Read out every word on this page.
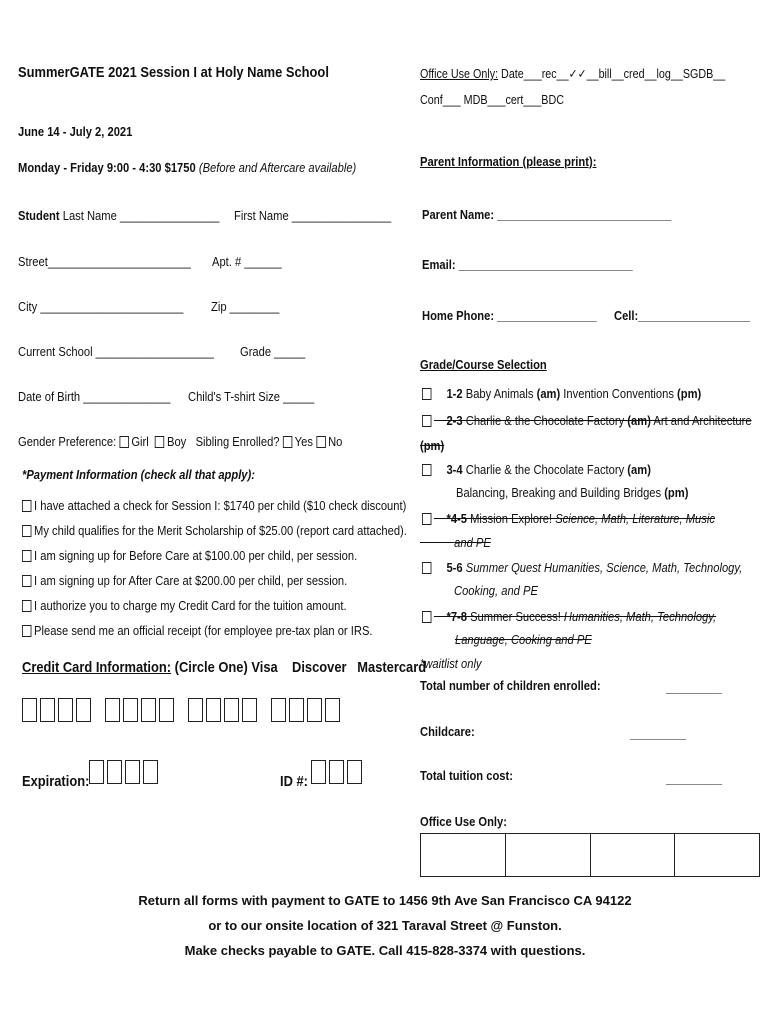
SummerGATE 2021 Session I at Holy Name School	Office Use Only: Date___rec__✓✓__bill__cred__log__SGDB__
Conf___ MDB___cert___BDC
June 14 - July 2, 2021
Monday - Friday 9:00 - 4:30 $1750 (Before and Aftercare available)
Student Last Name ________________ First Name ________________
Street_______________________ Apt. # ______
City _______________________ Zip ________
Current School ___________________ Grade _____
Date of Birth ______________ Child's T-shirt Size _____
Gender Preference: Girl Boy Sibling Enrolled? Yes No
*Payment Information (check all that apply):
I have attached a check for Session I: $1740 per child ($10 check discount)
My child qualifies for the Merit Scholarship of $25.00 (report card attached).
I am signing up for Before Care at $100.00 per child, per session.
I am signing up for After Care at $200.00 per child, per session.
I authorize you to charge my Credit Card for the tuition amount.
Please send me an official receipt (for employee pre-tax plan or IRS.
Credit Card Information: (Circle One) Visa Discover Mastercard
Expiration:	ID #:
Parent Information (please print):
Parent Name: ____________________________
Email: ____________________________
Home Phone: ________________ Cell:__________________
Grade/Course Selection
1-2 Baby Animals (am) Invention Conventions (pm)
2-3 Charlie & the Chocolate Factory (am) Art and Architecture
(pm)
3-4 Charlie & the Chocolate Factory (am)
Balancing, Breaking and Building Bridges (pm)
*4-5 Mission Explore! Science, Math, Literature, Music
and PE
5-6 Summer Quest Humanities, Science, Math, Technology,
Cooking, and PE
*7-8 Summer Success! Humanities, Math, Technology,
Language, Cooking and PE
*waitlist only
Total number of children enrolled:	_________
Childcare:	_________
Total tuition cost:	_________
Office Use Only:

Return all forms with payment to GATE to 1456 9th Ave San Francisco CA 94122
or to our onsite location of 321 Taraval Street @ Funston.
Make checks payable to GATE. Call 415-828-3374 with questions.
